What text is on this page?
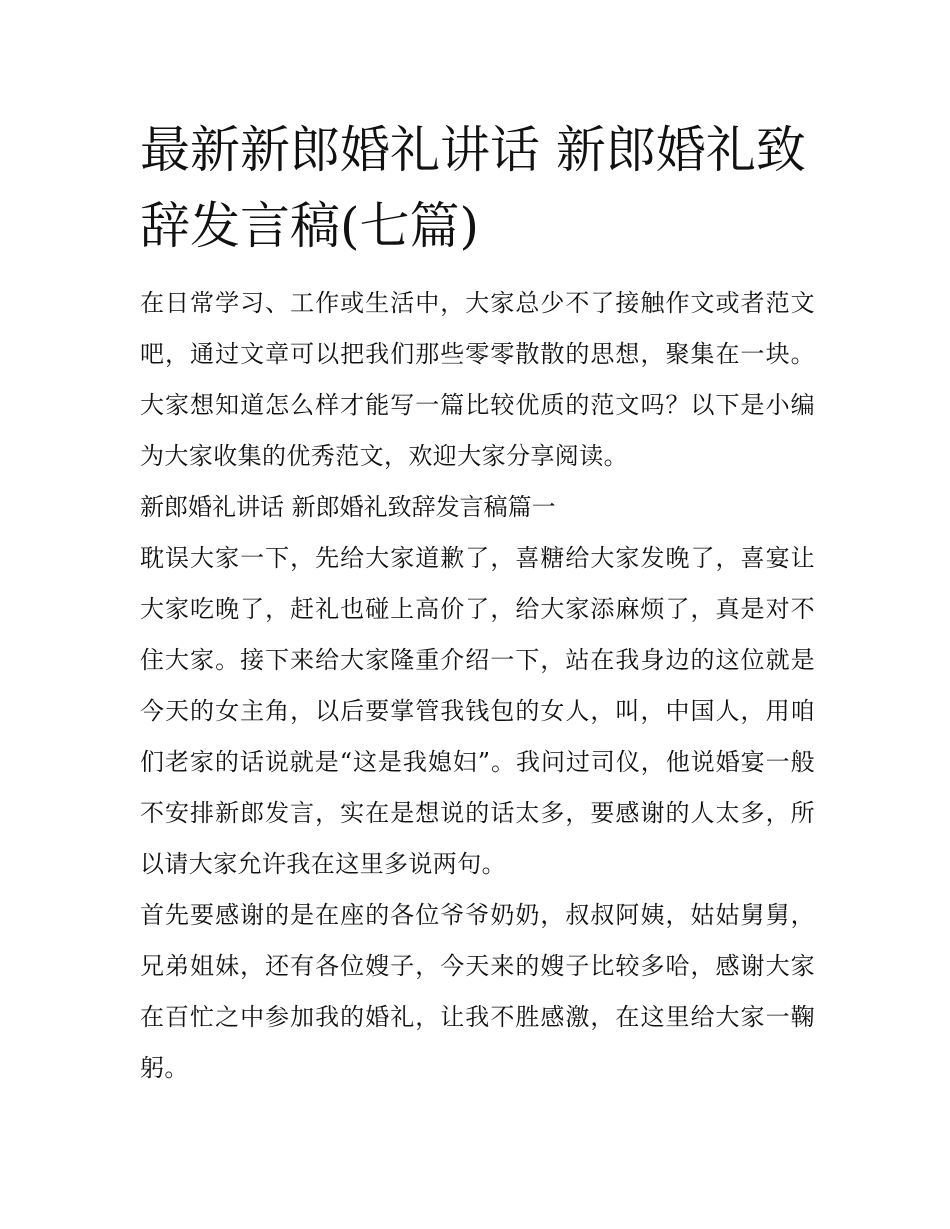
最新新郎婚礼讲话 新郎婚礼致辞发言稿(七篇)

在日常学习、工作或生活中，大家总少不了接触作文或者范文吧，通过文章可以把我们那些零零散散的思想，聚集在一块。大家想知道怎么样才能写一篇比较优质的范文吗？以下是小编为大家收集的优秀范文，欢迎大家分享阅读。

新郎婚礼讲话 新郎婚礼致辞发言稿篇一

耽误大家一下，先给大家道歉了，喜糖给大家发晚了，喜宴让大家吃晚了，赶礼也碰上高价了，给大家添麻烦了，真是对不住大家。接下来给大家隆重介绍一下，站在我身边的这位就是今天的女主角，以后要掌管我钱包的女人，叫，中国人，用咱们老家的话说就是“这是我媳妇”。我问过司仪，他说婚宴一般不安排新郎发言，实在是想说的话太多，要感谢的人太多，所以请大家允许我在这里多说两句。

首先要感谢的是在座的各位爷爷奶奶，叔叔阿姨，姑姑舅舅，兄弟姐妹，还有各位嫂子，今天来的嫂子比较多哈，感谢大家在百忙之中参加我的婚礼，让我不胜感激，在这里给大家一鞠躬。
